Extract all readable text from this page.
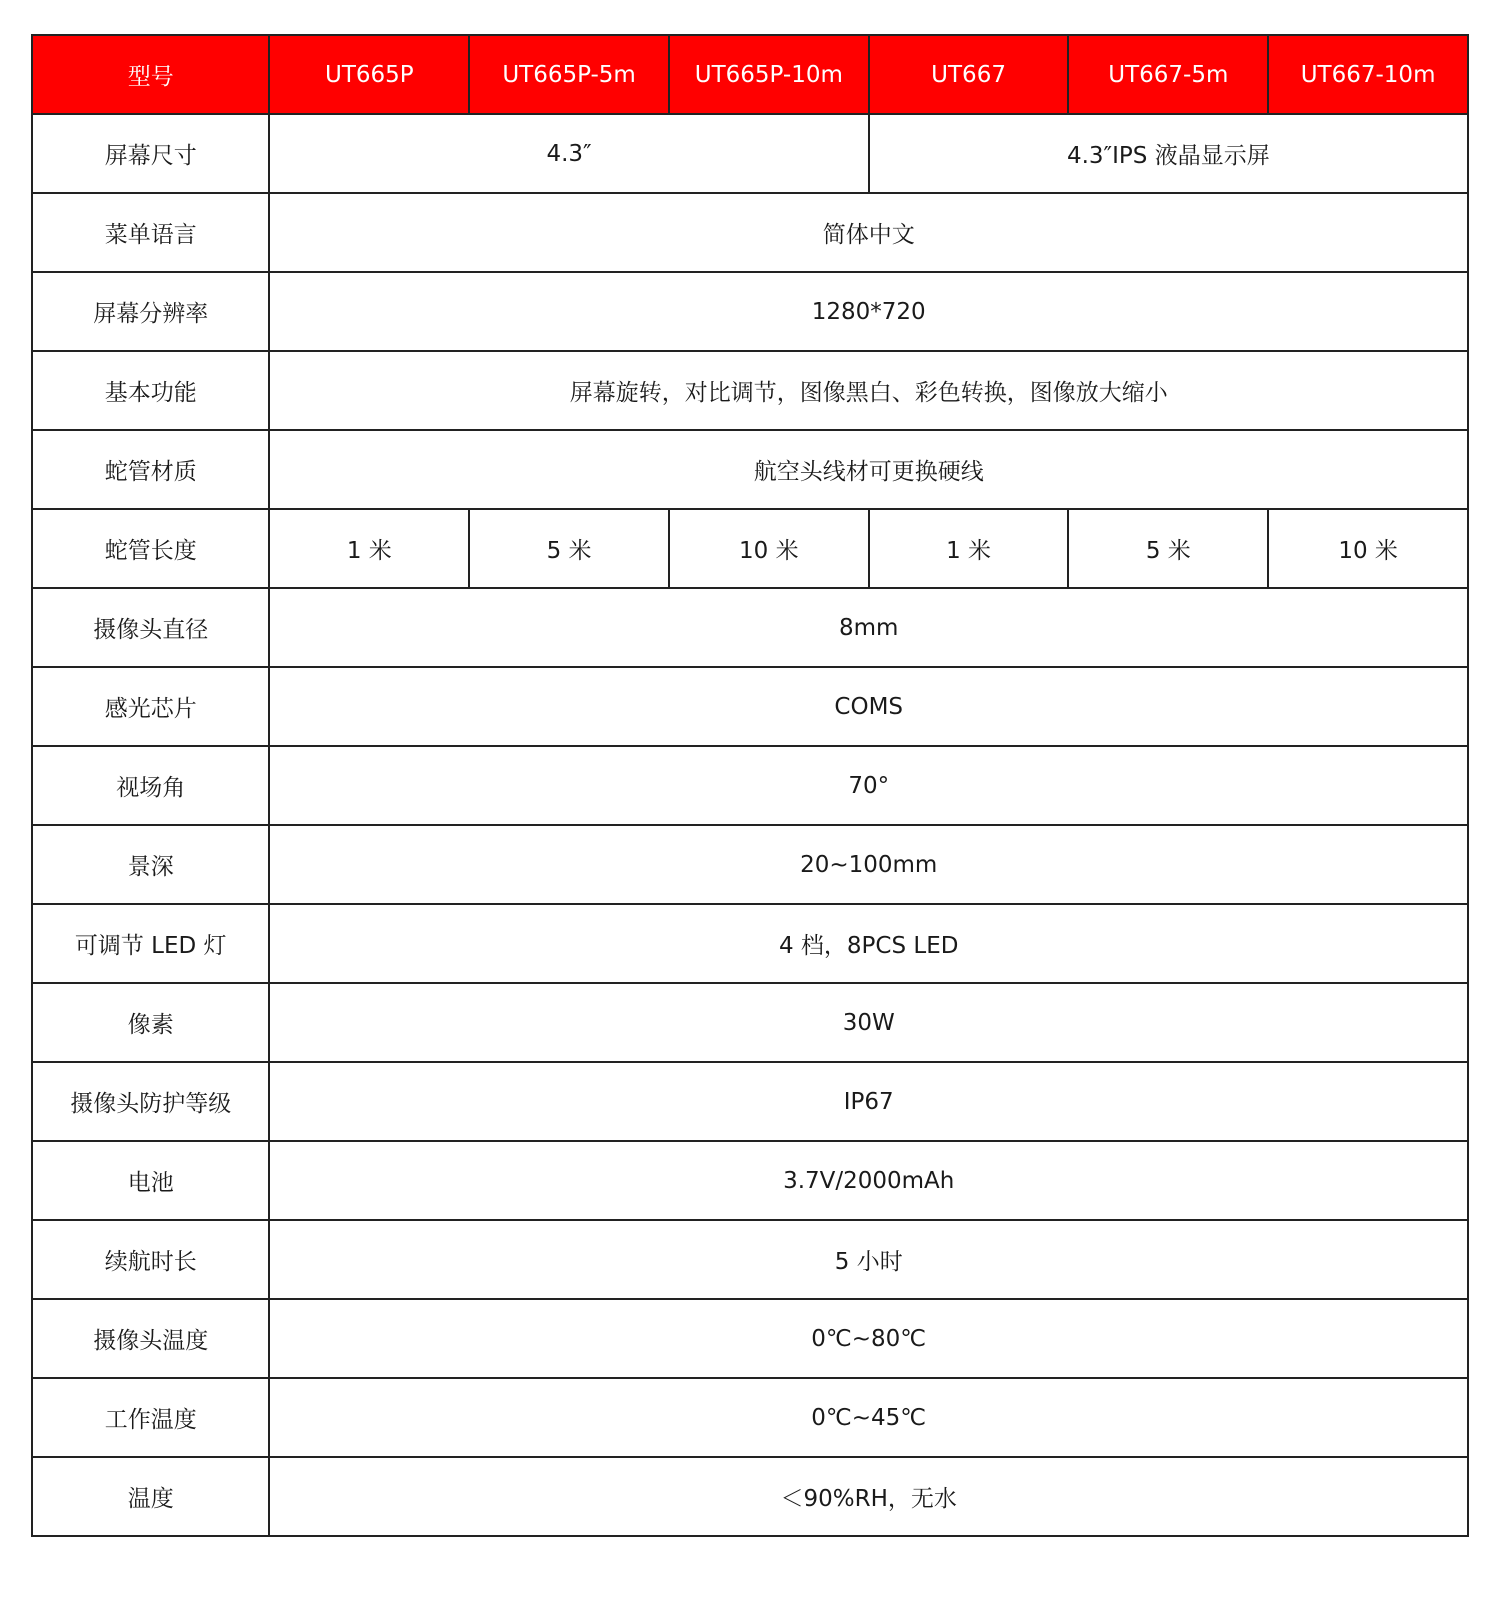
型号	UT665P	UT665P-5m	UT665P-10m	UT667	UT667-5m	UT667-10m
屏幕尺寸	4.3″			4.3″IPS 液晶显示屏		
菜单语言	简体中文					
屏幕分辨率	1280*720					
基本功能	屏幕旋转，对比调节，图像黑白、彩色转换，图像放大缩小					
蛇管材质	航空头线材可更换硬线					
蛇管长度	1 米	5 米	10 米	1 米	5 米	10 米
摄像头直径	8mm					
感光芯片	COMS					
视场角	70°					
景深	20~100mm					
可调节 LED 灯	4 档，8PCS LED					
像素	30W					
摄像头防护等级	IP67					
电池	3.7V/2000mAh					
续航时长	5 小时					
摄像头温度	0℃~80℃					
工作温度	0℃~45℃					
温度	＜90%RH，无水					
